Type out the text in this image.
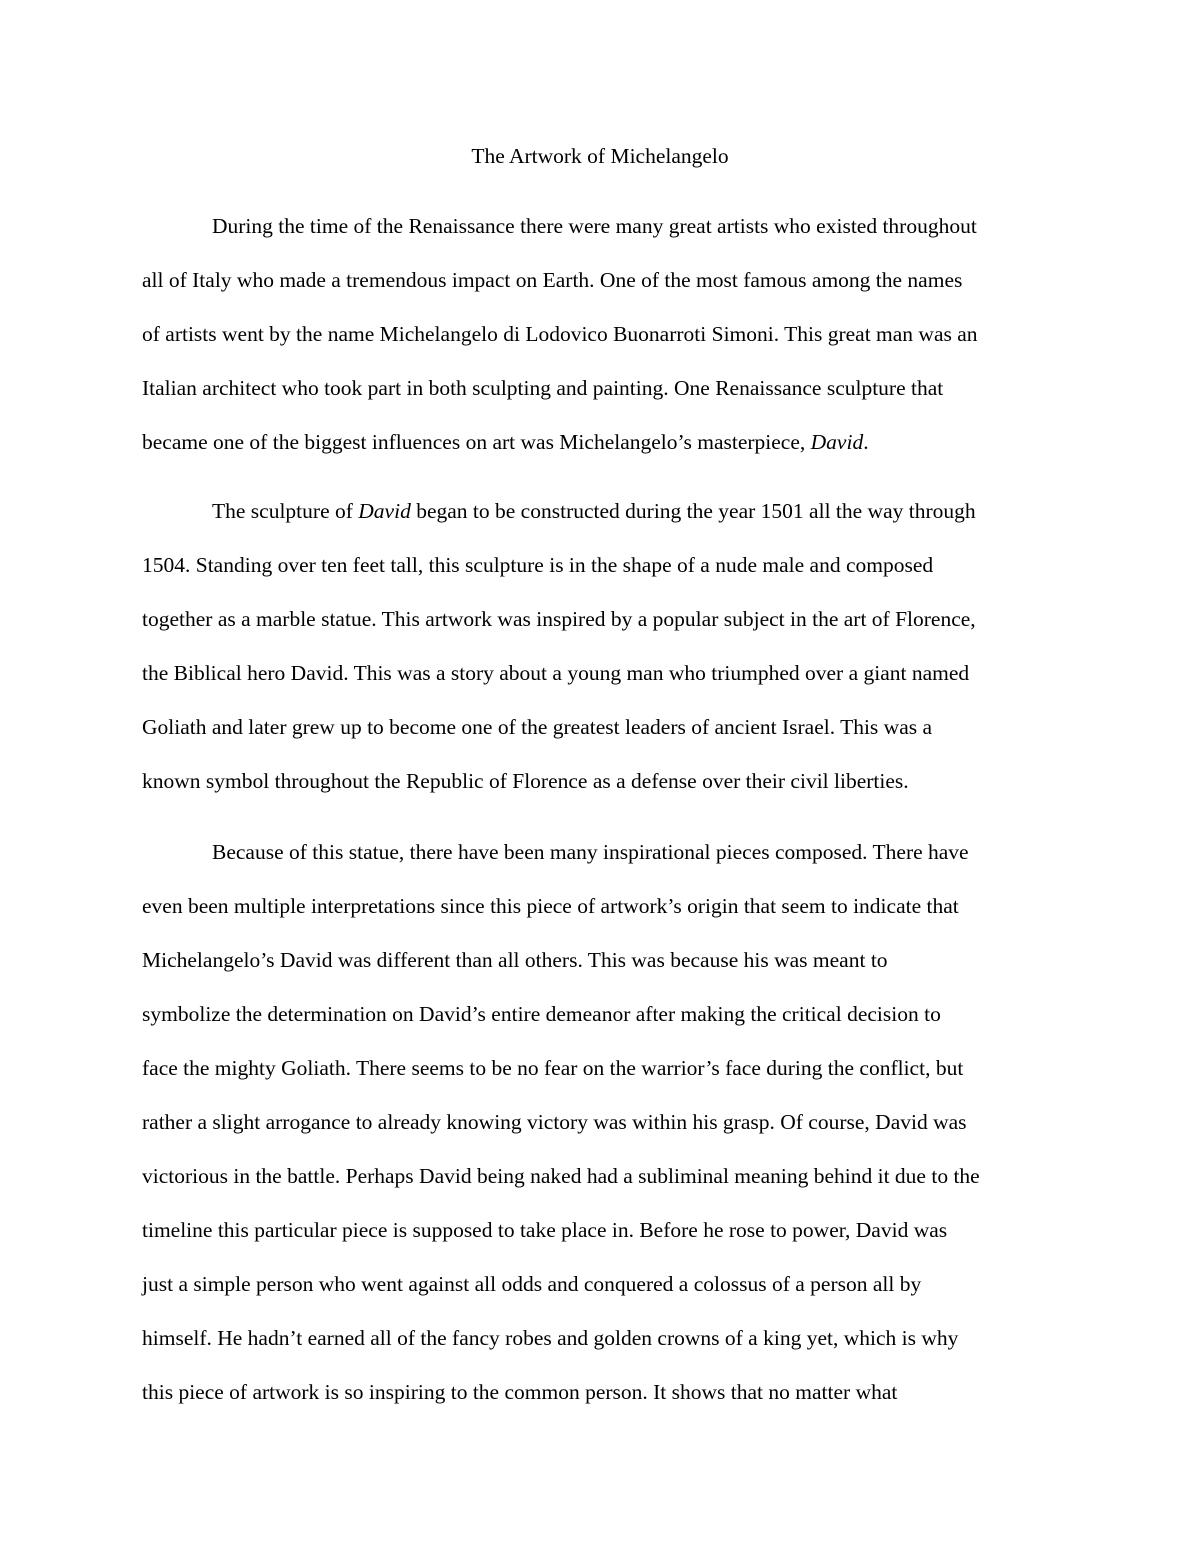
The Artwork of Michelangelo

During the time of the Renaissance there were many great artists who existed throughout

all of Italy who made a tremendous impact on Earth. One of the most famous among the names

of artists went by the name Michelangelo di Lodovico Buonarroti Simoni. This great man was an

Italian architect who took part in both sculpting and painting. One Renaissance sculpture that

became one of the biggest influences on art was Michelangelo’s masterpiece, David.

The sculpture of David began to be constructed during the year 1501 all the way through

1504. Standing over ten feet tall, this sculpture is in the shape of a nude male and composed

together as a marble statue. This artwork was inspired by a popular subject in the art of Florence,

the Biblical hero David. This was a story about a young man who triumphed over a giant named

Goliath and later grew up to become one of the greatest leaders of ancient Israel. This was a

known symbol throughout the Republic of Florence as a defense over their civil liberties.

Because of this statue, there have been many inspirational pieces composed. There have

even been multiple interpretations since this piece of artwork’s origin that seem to indicate that

Michelangelo’s David was different than all others. This was because his was meant to

symbolize the determination on David’s entire demeanor after making the critical decision to

face the mighty Goliath. There seems to be no fear on the warrior’s face during the conflict, but

rather a slight arrogance to already knowing victory was within his grasp. Of course, David was

victorious in the battle. Perhaps David being naked had a subliminal meaning behind it due to the

timeline this particular piece is supposed to take place in. Before he rose to power, David was

just a simple person who went against all odds and conquered a colossus of a person all by

himself. He hadn’t earned all of the fancy robes and golden crowns of a king yet, which is why

this piece of artwork is so inspiring to the common person. It shows that no matter what
